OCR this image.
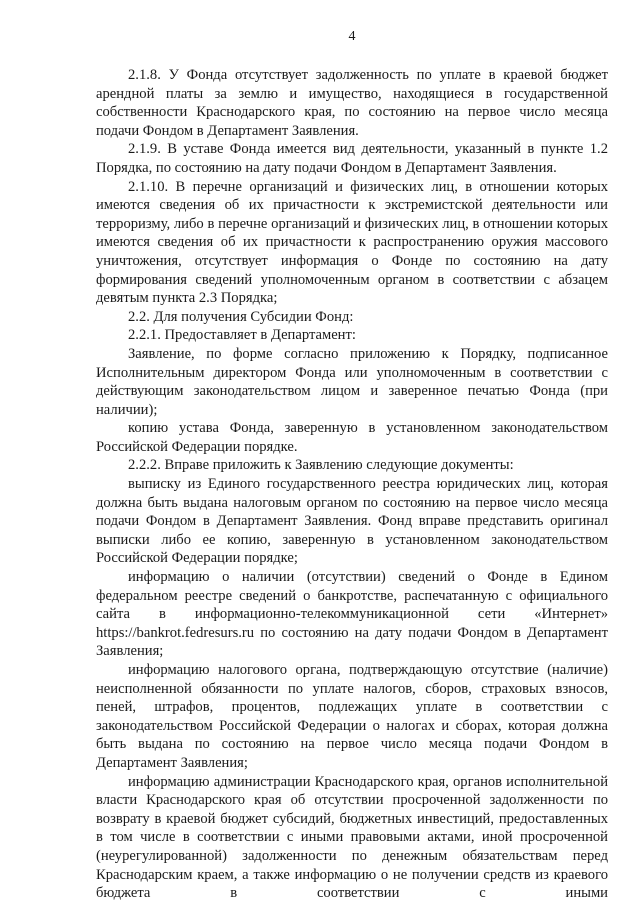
4

2.1.8. У Фонда отсутствует задолженность по уплате в краевой бюджет арендной платы за землю и имущество, находящиеся в государственной собственности Краснодарского края, по состоянию на первое число месяца подачи Фондом в Департамент Заявления.

2.1.9. В уставе Фонда имеется вид деятельности, указанный в пункте 1.2 Порядка, по состоянию на дату подачи Фондом в Департамент Заявления.

2.1.10. В перечне организаций и физических лиц, в отношении которых имеются сведения об их причастности к экстремистской деятельности или терроризму, либо в перечне организаций и физических лиц, в отношении которых имеются сведения об их причастности к распространению оружия массового уничтожения, отсутствует информация о Фонде по состоянию на дату формирования сведений уполномоченным органом в соответствии с абзацем девятым пункта 2.3 Порядка;

2.2. Для получения Субсидии Фонд:

2.2.1. Предоставляет в Департамент:

Заявление, по форме согласно приложению к Порядку, подписанное Исполнительным директором Фонда или уполномоченным в соответствии с действующим законодательством лицом и заверенное печатью Фонда (при наличии);

копию устава Фонда, заверенную в установленном законодательством Российской Федерации порядке.

2.2.2. Вправе приложить к Заявлению следующие документы:

выписку из Единого государственного реестра юридических лиц, которая должна быть выдана налоговым органом по состоянию на первое число месяца подачи Фондом в Департамент Заявления. Фонд вправе представить оригинал выписки либо ее копию, заверенную в установленном законодательством Российской Федерации порядке;

информацию о наличии (отсутствии) сведений о Фонде в Едином федеральном реестре сведений о банкротстве, распечатанную с официального сайта в информационно-телекоммуникационной сети «Интернет» https://bankrot.fedresurs.ru по состоянию на дату подачи Фондом в Департамент Заявления;

информацию налогового органа, подтверждающую отсутствие (наличие) неисполненной обязанности по уплате налогов, сборов, страховых взносов, пеней, штрафов, процентов, подлежащих уплате в соответствии с законодательством Российской Федерации о налогах и сборах, которая должна быть выдана по состоянию на первое число месяца подачи Фондом в Департамент Заявления;

информацию администрации Краснодарского края, органов исполнительной власти Краснодарского края об отсутствии просроченной задолженности по возврату в краевой бюджет субсидий, бюджетных инвестиций, предоставленных в том числе в соответствии с иными правовыми актами, иной просроченной (неурегулированной) задолженности по денежным обязательствам перед Краснодарским краем, а также информацию о не получении средств из краевого бюджета в соответствии с иными
